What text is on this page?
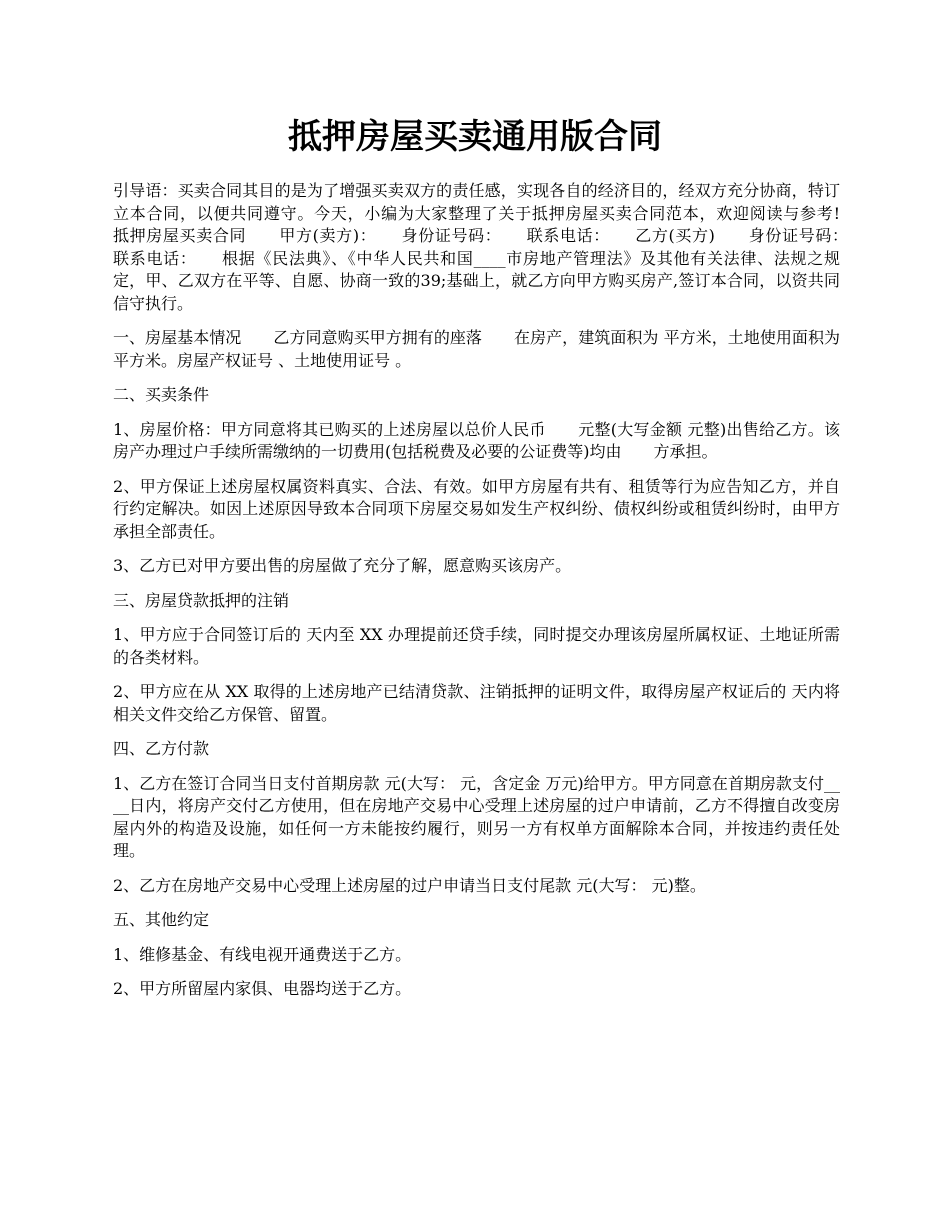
抵押房屋买卖通用版合同

引导语：买卖合同其目的是为了增强买卖双方的责任感，实现各自的经济目的，经双方充分协商，特订立本合同，以便共同遵守。今天，小编为大家整理了关于抵押房屋买卖合同范本，欢迎阅读与参考!　　抵押房屋买卖合同　　甲方(卖方)：　　身份证号码：　　联系电话：　　乙方(买方)　　身份证号码：　　联系电话：　　根据《民法典》、《中华人民共和国____市房地产管理法》及其他有关法律、法规之规定，甲、乙双方在平等、自愿、协商一致的39;基础上，就乙方向甲方购买房产,签订本合同，以资共同信守执行。

一、房屋基本情况　　乙方同意购买甲方拥有的座落　　在房产，建筑面积为 平方米，土地使用面积为 平方米。房屋产权证号 、土地使用证号 。

二、买卖条件

1、房屋价格：甲方同意将其已购买的上述房屋以总价人民币　　元整(大写金额 元整)出售给乙方。该房产办理过户手续所需缴纳的一切费用(包括税费及必要的公证费等)均由　　方承担。

2、甲方保证上述房屋权属资料真实、合法、有效。如甲方房屋有共有、租赁等行为应告知乙方，并自行约定解决。如因上述原因导致本合同项下房屋交易如发生产权纠纷、债权纠纷或租赁纠纷时，由甲方承担全部责任。

3、乙方已对甲方要出售的房屋做了充分了解，愿意购买该房产。

三、房屋贷款抵押的注销

1、甲方应于合同签订后的 天内至 XX 办理提前还贷手续，同时提交办理该房屋所属权证、土地证所需的各类材料。

2、甲方应在从 XX 取得的上述房地产已结清贷款、注销抵押的证明文件，取得房屋产权证后的 天内将相关文件交给乙方保管、留置。

四、乙方付款

1、乙方在签订合同当日支付首期房款 元(大写： 元，含定金 万元)给甲方。甲方同意在首期房款支付____日内，将房产交付乙方使用，但在房地产交易中心受理上述房屋的过户申请前，乙方不得擅自改变房屋内外的构造及设施，如任何一方未能按约履行，则另一方有权单方面解除本合同，并按违约责任处理。

2、乙方在房地产交易中心受理上述房屋的过户申请当日支付尾款 元(大写： 元)整。

五、其他约定

1、维修基金、有线电视开通费送于乙方。

2、甲方所留屋内家俱、电器均送于乙方。
